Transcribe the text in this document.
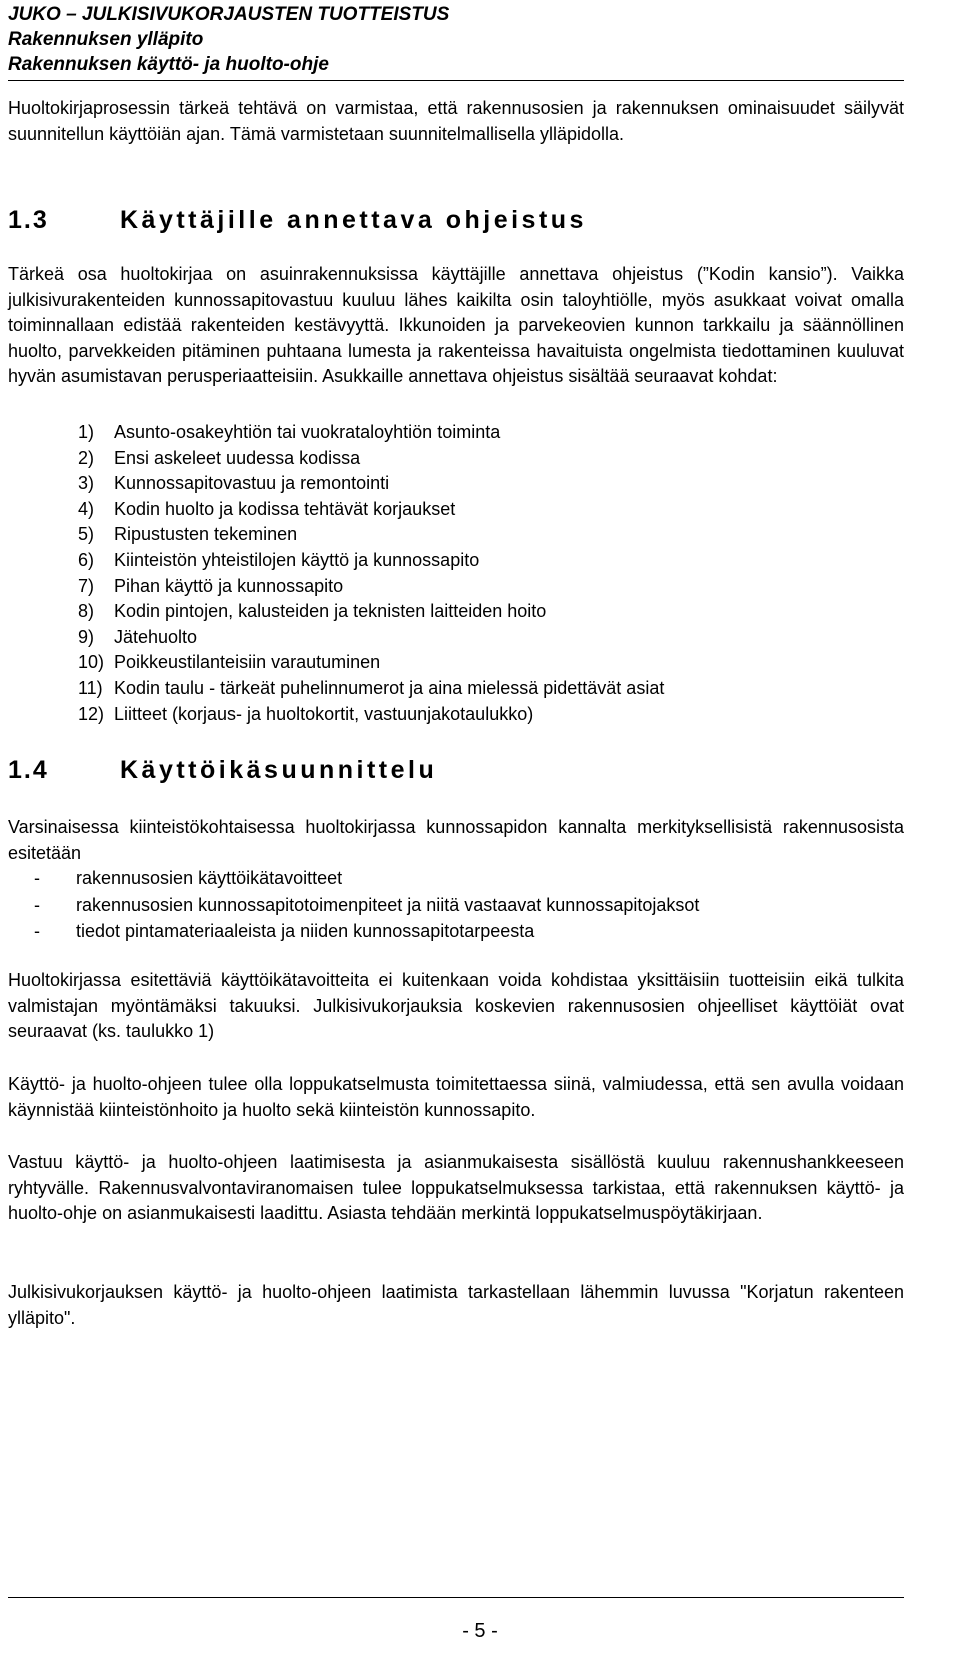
JUKO – JULKISIVUKORJAUSTEN TUOTTEISTUS
Rakennuksen ylläpito
Rakennuksen käyttö- ja huolto-ohje
Huoltokirjaprosessin tärkeä tehtävä on varmistaa, että rakennusosien ja rakennuksen ominaisuudet säilyvät suunnitellun käyttöiän ajan. Tämä varmistetaan suunnitelmallisella ylläpidolla.
1.3	Käyttäjille annettava ohjeistus
Tärkeä osa huoltokirjaa on asuinrakennuksissa käyttäjille annettava ohjeistus (”Kodin kansio”). Vaikka julkisivurakenteiden kunnossapitovastuu kuuluu lähes kaikilta osin taloyhtiölle, myös asukkaat voivat omalla toiminnallaan edistää rakenteiden kestävyyttä. Ikkunoiden ja parvekeovien kunnon tarkkailu ja säännöllinen huolto, parvekkeiden pitäminen puhtaana lumesta ja rakenteissa havaituista ongelmista tiedottaminen kuuluvat hyvän asumistavan perusperiaatteisiin. Asukkaille annettava ohjeistus sisältää seuraavat kohdat:
1) Asunto-osakeyhtiön tai vuokrataloyhtiön toiminta
2) Ensi askeleet uudessa kodissa
3) Kunnossapitovastuu ja remontointi
4) Kodin huolto ja kodissa tehtävät korjaukset
5) Ripustusten tekeminen
6) Kiinteistön yhteistilojen käyttö ja kunnossapito
7) Pihan käyttö ja kunnossapito
8) Kodin pintojen, kalusteiden ja teknisten laitteiden hoito
9) Jätehuolto
10) Poikkeustilanteisiin varautuminen
11) Kodin taulu - tärkeät puhelinnumerot ja aina mielessä pidettävät asiat
12) Liitteet (korjaus- ja huoltokortit, vastuunjakotaulukko)
1.4	Käyttöikäsuunnittelu
Varsinaisessa kiinteistökohtaisessa huoltokirjassa kunnossapidon kannalta merkityksellisistä rakennusosista esitetään
- rakennusosien käyttöikätavoitteet
- rakennusosien kunnossapitotoimenpiteet ja niitä vastaavat kunnossapitojaksot
- tiedot pintamateriaaleista ja niiden kunnossapitotarpeesta
Huoltokirjassa esitettäviä käyttöikätavoitteita ei kuitenkaan voida kohdistaa yksittäisiin tuotteisiin eikä tulkita valmistajan myöntämäksi takuuksi. Julkisivukorjauksia koskevien rakennusosien ohjeelliset käyttöiät ovat seuraavat (ks. taulukko 1)
Käyttö- ja huolto-ohjeen tulee olla loppukatselmusta toimitettaessa siinä, valmiudessa, että sen avulla voidaan käynnistää kiinteistönhoito ja huolto sekä kiinteistön kunnossapito.
Vastuu käyttö- ja huolto-ohjeen laatimisesta ja asianmukaisesta sisällöstä kuuluu rakennushankkeeseen ryhtyvälle. Rakennusvalvontaviranomaisen tulee loppukatselmuksessa tarkistaa, että rakennuksen käyttö- ja huolto-ohje on asianmukaisesti laadittu. Asiasta tehdään merkintä loppukatselmuspöytäkirjaan.
Julkisivukorjauksen käyttö- ja huolto-ohjeen laatimista tarkastellaan lähemmin luvussa "Korjatun rakenteen ylläpito".
- 5 -
